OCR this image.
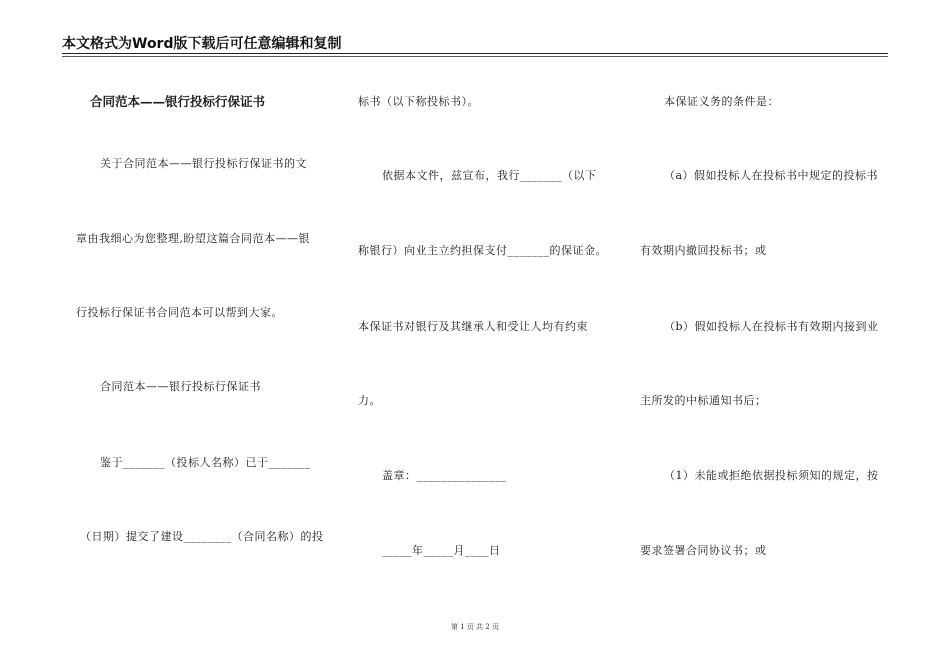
本文格式为Word版下载后可任意编辑和复制
合同范本——银行投标行保证书
关于合同范本——银行投标行保证书的文
章由我细心为您整理,盼望这篇合同范本——银
行投标行保证书合同范本可以帮到大家。
合同范本——银行投标行保证书
鉴于_______（投标人名称）已于_______
（日期）提交了建设________（合同名称）的投
标书（以下称投标书）。
依据本文件，兹宣布，我行_______（以下
称银行）向业主立约担保支付_______的保证金。
本保证书对银行及其继承人和受让人均有约束
力。
盖章：_______________
_____年_____月____日
本保证义务的条件是：
（a）假如投标人在投标书中规定的投标书
有效期内撤回投标书；或
（b）假如投标人在投标书有效期内接到业
主所发的中标通知书后；
（1）未能或拒绝依据投标须知的规定，按
要求签署合同协议书；或
第 1 页 共 2 页
